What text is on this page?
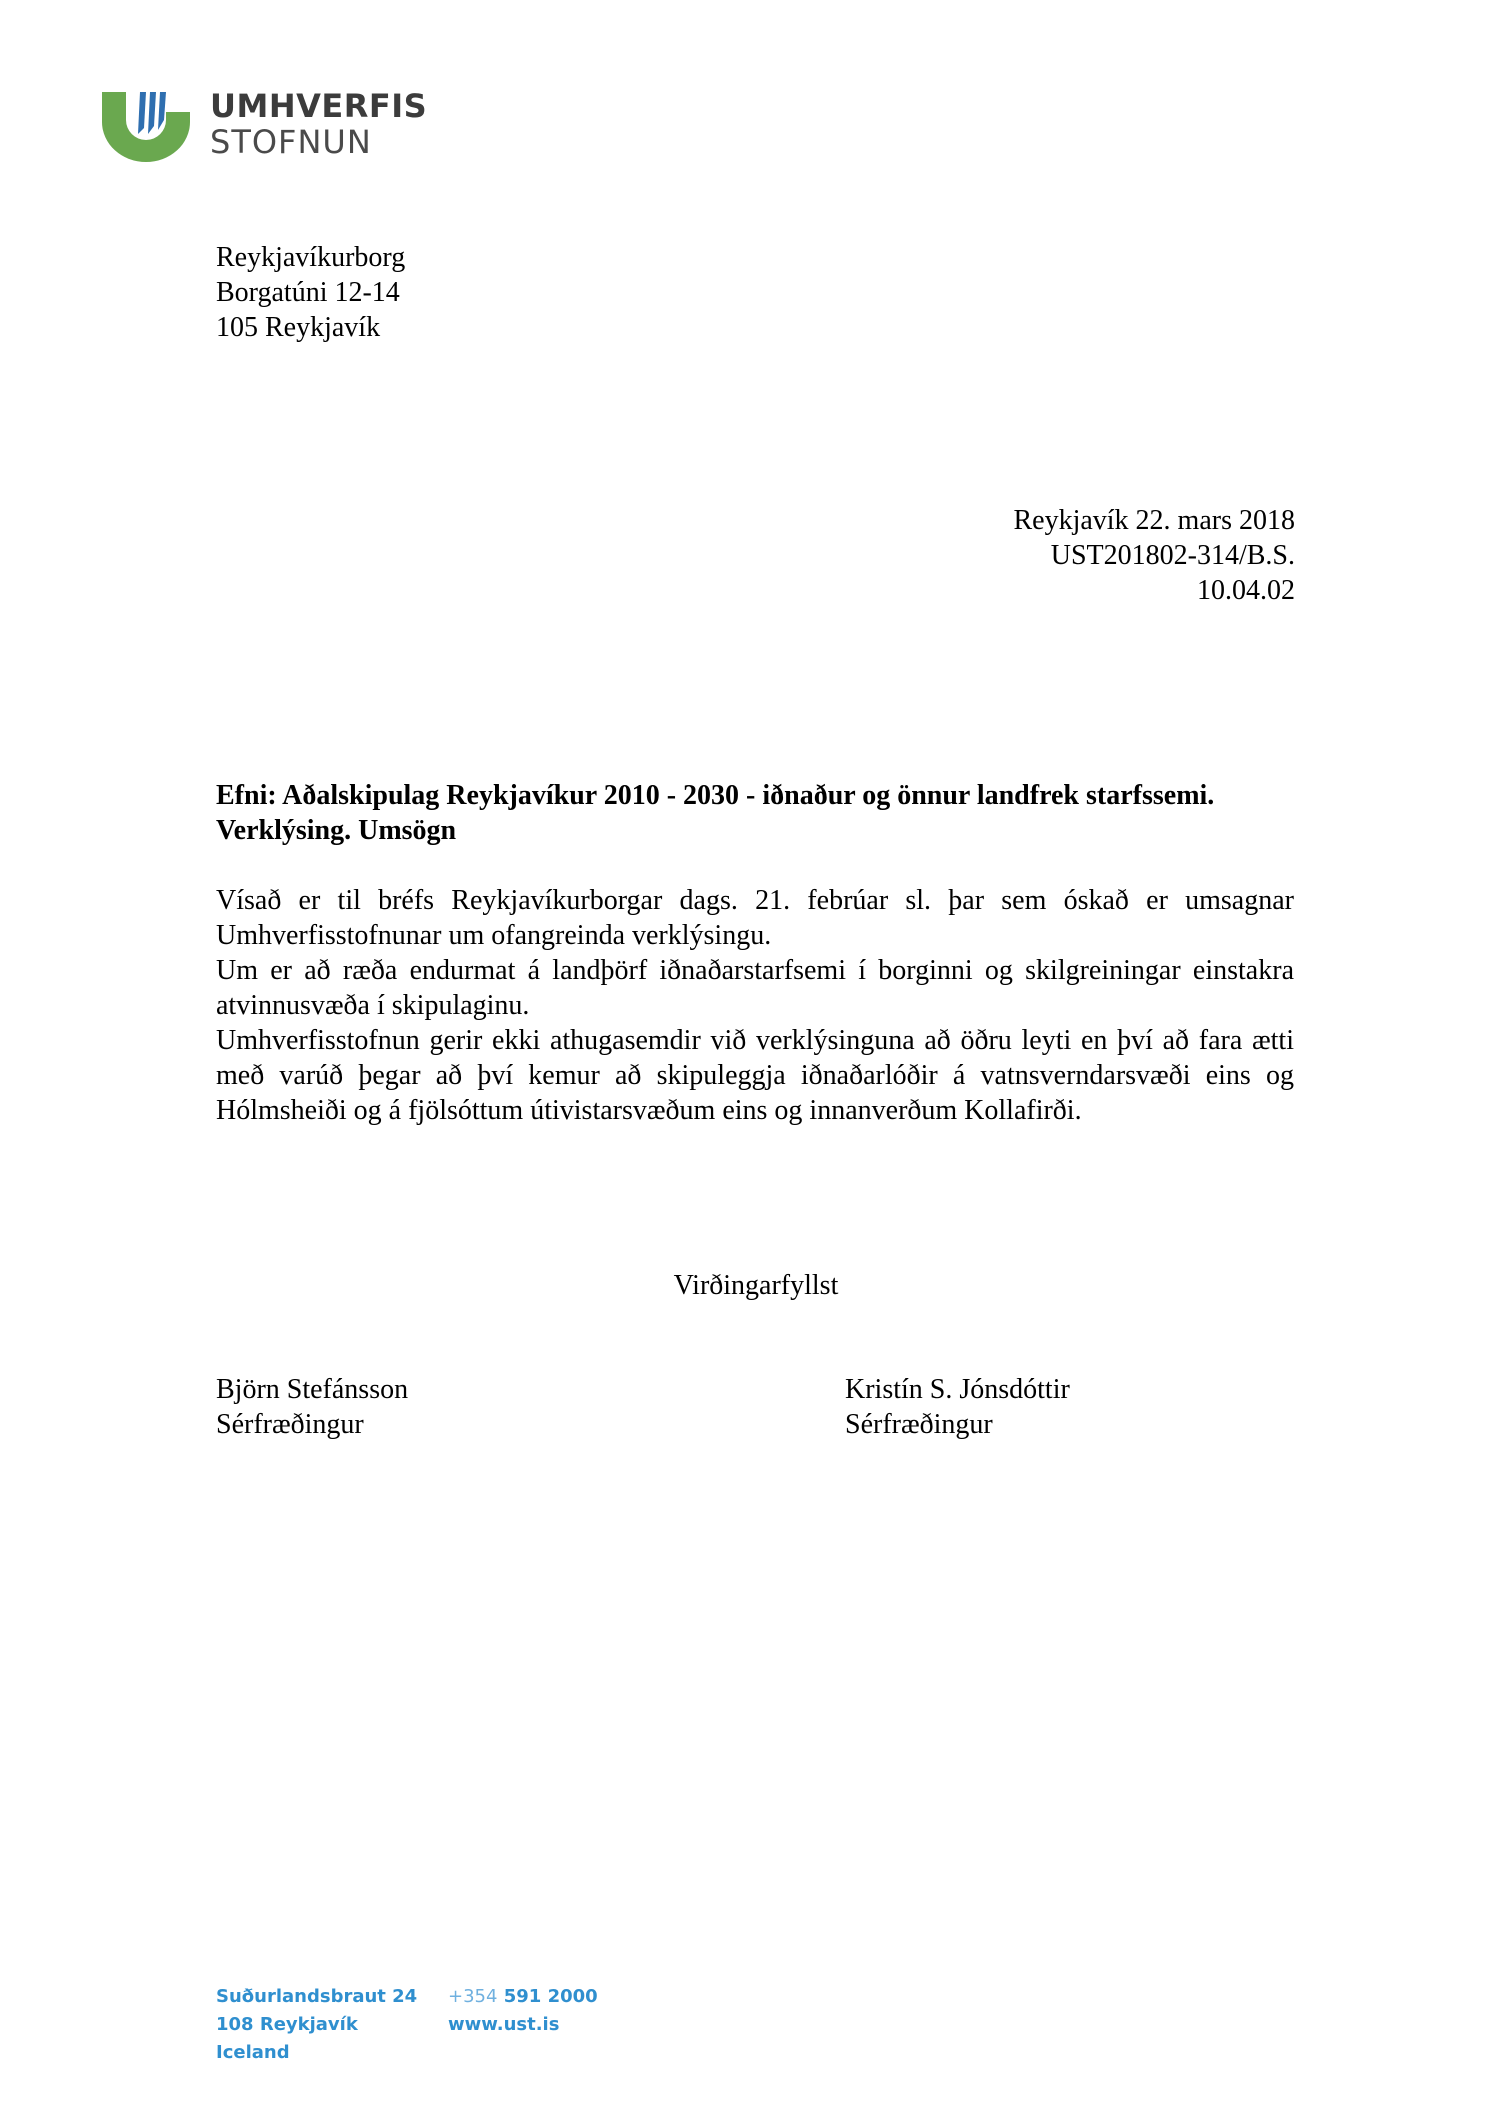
UMHVERFIS
STOFNUN
Reykjavíkurborg
Borgatúni 12-14
105 Reykjavík
Reykjavík 22. mars 2018
UST201802-314/B.S.
10.04.02
Efni: Aðalskipulag Reykjavíkur 2010 - 2030 - iðnaður og önnur landfrek starfssemi. Verklýsing. Umsögn

Vísað er til bréfs Reykjavíkurborgar dags. 21. febrúar sl. þar sem óskað er umsagnar Umhverfisstofnunar um ofangreinda verklýsingu.

Um er að ræða endurmat á landþörf iðnaðarstarfsemi í borginni og skilgreiningar einstakra atvinnusvæða í skipulaginu.

Umhverfisstofnun gerir ekki athugasemdir við verklýsinguna að öðru leyti en því að fara ætti með varúð þegar að því kemur að skipuleggja iðnaðarlóðir á vatnsverndarsvæði eins og Hólmsheiði og á fjölsóttum útivistarsvæðum eins og innanverðum Kollafirði.

Virðingarfyllst
Björn Stefánsson
Sérfræðingur
Kristín S. Jónsdóttir
Sérfræðingur
Suðurlandsbraut 24
108 Reykjavík
Iceland
+354 591 2000
www.ust.is
